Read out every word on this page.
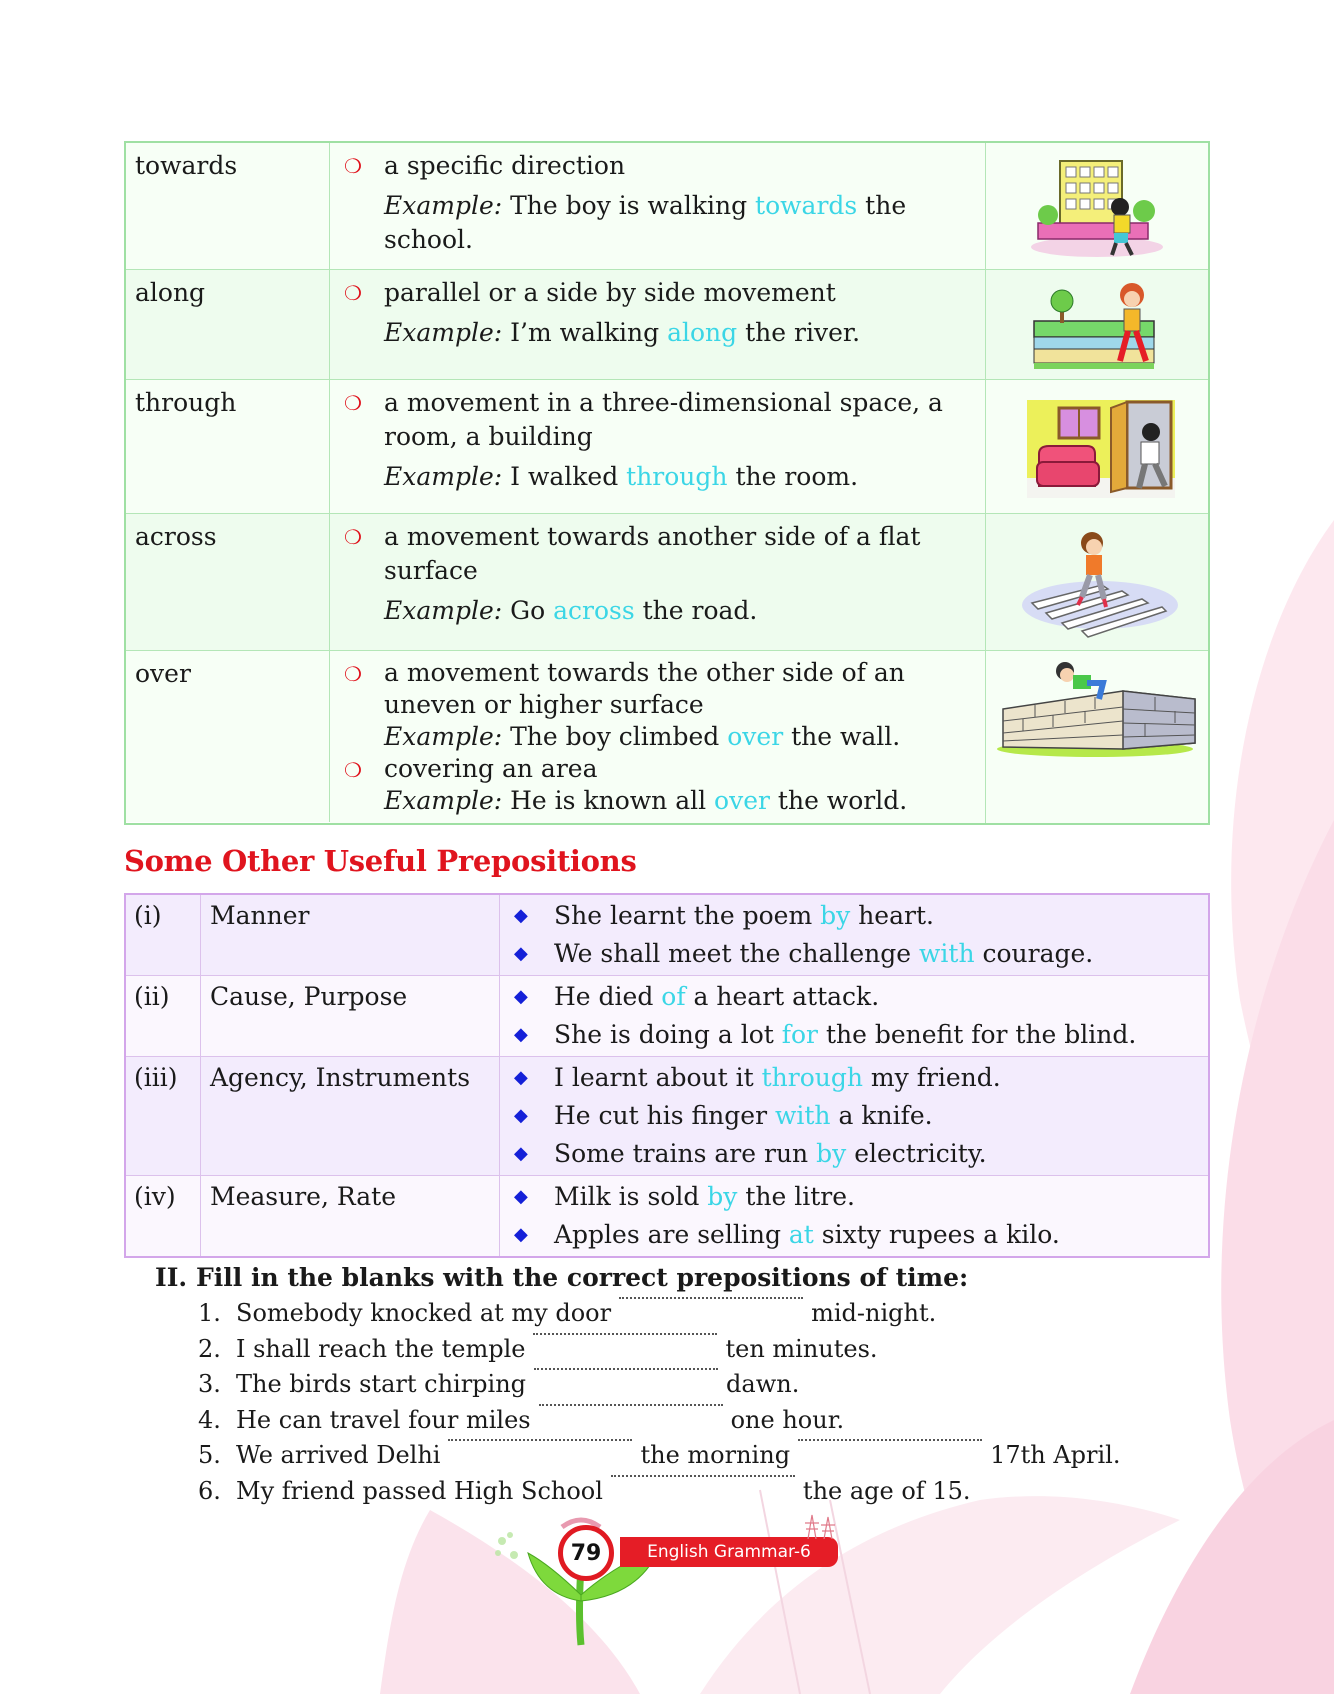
towards	❍ a specific direction
Example: The boy is walking towards the school.
along	❍ parallel or a side by side movement
Example: I’m walking along the river.
through	❍ a movement in a three-dimensional space, a room, a building
Example: I walked through the room.
across	❍ a movement towards another side of a flat surface
Example: Go across the road.
over	❍ a movement towards the other side of an uneven or higher surface
Example: The boy climbed over the wall.
❍ covering an area
Example: He is known all over the world.
Some Other Useful Prepositions
(i)	Manner	◆	She learnt the poem by heart.
◆	We shall meet the challenge with courage.
(ii)	Cause, Purpose	◆	He died of a heart attack.
◆	She is doing a lot for the benefit for the blind.
(iii)	Agency, Instruments	◆	I learnt about it through my friend.
◆	He cut his finger with a knife.
◆	Some trains are run by electricity.
(iv)	Measure, Rate	◆	Milk is sold by the litre.
◆	Apples are selling at sixty rupees a kilo.
II. Fill in the blanks with the correct prepositions of time:
1. Somebody knocked at my door	mid-night.
2. I shall reach the temple	ten minutes.
3. The birds start chirping	dawn.
4. He can travel four miles	one hour.
5. We arrived Delhi	the morning	17th April.
6. My friend passed High School	the age of 15.
79	English Grammar-6
